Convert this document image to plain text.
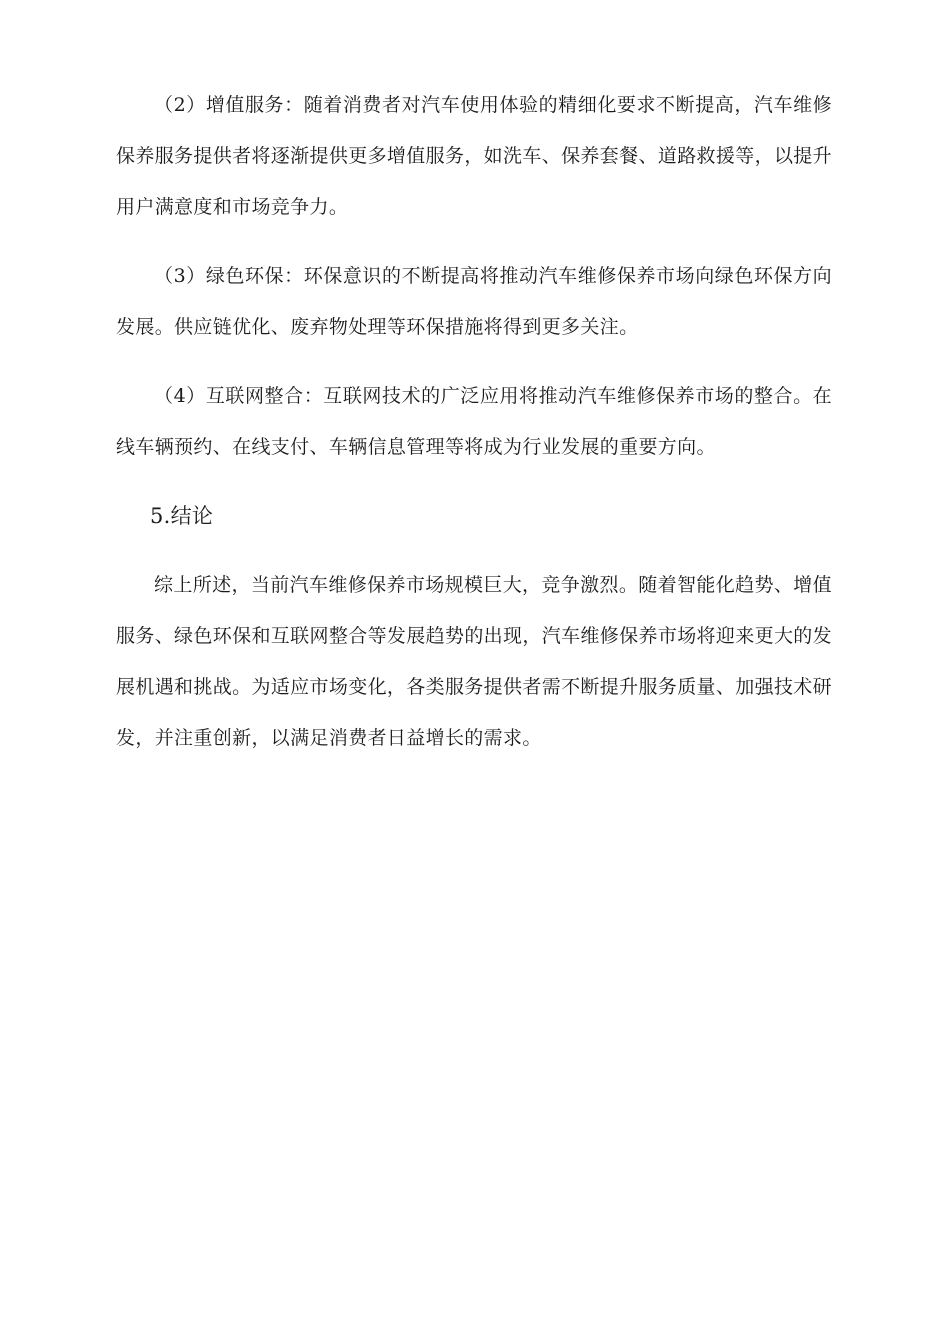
（2）增值服务：随着消费者对汽车使用体验的精细化要求不断提高，汽车维修保养服务提供者将逐渐提供更多增值服务，如洗车、保养套餐、道路救援等，以提升用户满意度和市场竞争力。

（3）绿色环保：环保意识的不断提高将推动汽车维修保养市场向绿色环保方向发展。供应链优化、废弃物处理等环保措施将得到更多关注。

（4）互联网整合：互联网技术的广泛应用将推动汽车维修保养市场的整合。在线车辆预约、在线支付、车辆信息管理等将成为行业发展的重要方向。

5.结论

综上所述，当前汽车维修保养市场规模巨大，竞争激烈。随着智能化趋势、增值服务、绿色环保和互联网整合等发展趋势的出现，汽车维修保养市场将迎来更大的发展机遇和挑战。为适应市场变化，各类服务提供者需不断提升服务质量、加强技术研发，并注重创新，以满足消费者日益增长的需求。
